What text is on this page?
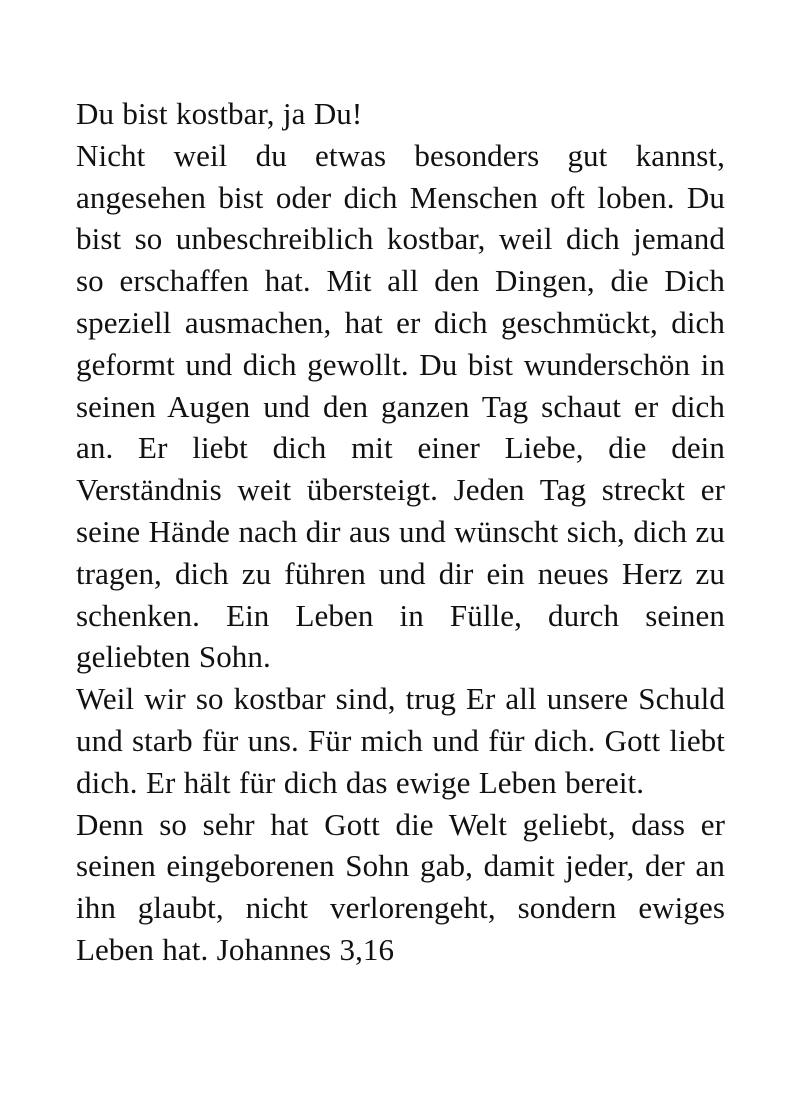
Du bist kostbar, ja Du!

Nicht weil du etwas besonders gut kannst, angesehen bist oder dich Menschen oft loben. Du bist so unbeschreiblich kostbar, weil dich jemand so erschaffen hat. Mit all den Dingen, die Dich speziell ausmachen, hat er dich geschmückt, dich geformt und dich gewollt. Du bist wunderschön in seinen Augen und den ganzen Tag schaut er dich an. Er liebt dich mit einer Liebe, die dein Verständnis weit übersteigt. Jeden Tag streckt er seine Hände nach dir aus und wünscht sich, dich zu tragen, dich zu führen und dir ein neues Herz zu schenken. Ein Leben in Fülle, durch seinen geliebten Sohn.

Weil wir so kostbar sind, trug Er all unsere Schuld und starb für uns. Für mich und für dich. Gott liebt dich. Er hält für dich das ewige Leben bereit.

Denn so sehr hat Gott die Welt geliebt, dass er seinen eingeborenen Sohn gab, damit jeder, der an ihn glaubt, nicht verlorengeht, sondern ewiges Leben hat. Johannes 3,16
